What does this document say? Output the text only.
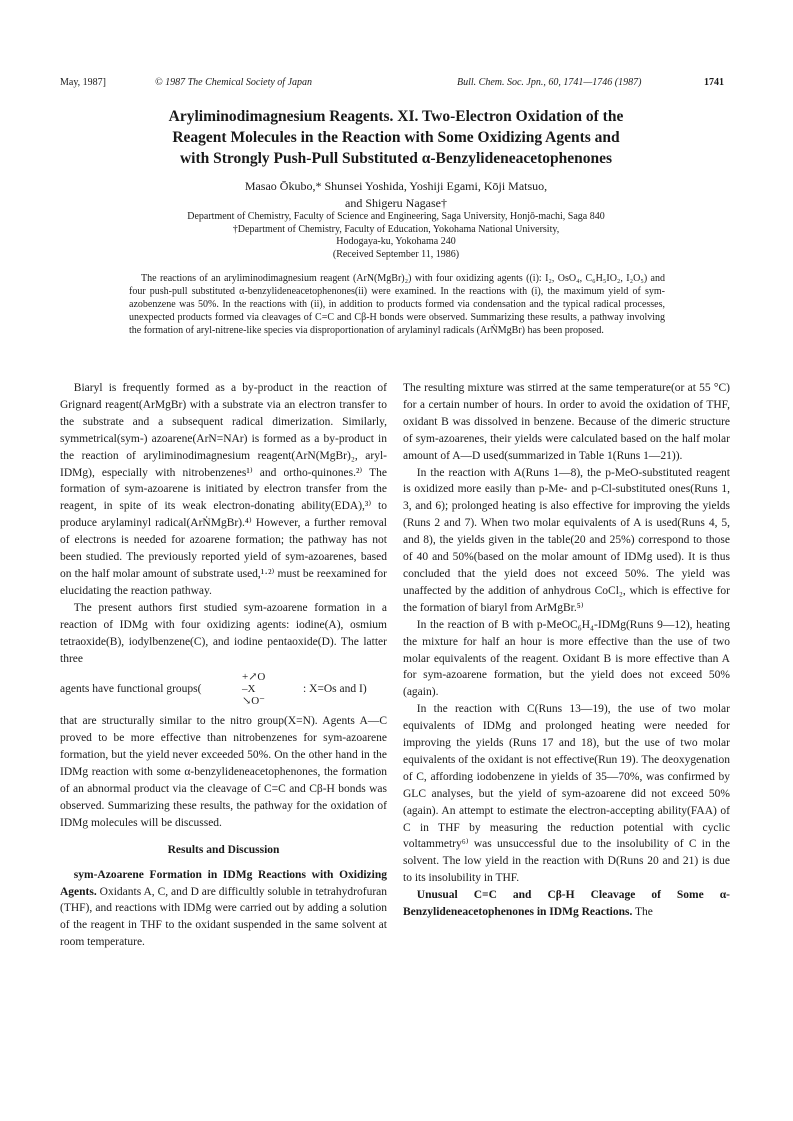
May, 1987]	© 1987 The Chemical Society of Japan	Bull. Chem. Soc. Jpn., 60, 1741—1746 (1987)	1741
Aryliminodimagnesium Reagents. XI. Two-Electron Oxidation of the
Reagent Molecules in the Reaction with Some Oxidizing Agents and
with Strongly Push-Pull Substituted α-Benzylideneacetophenones
Masao Ōkubo,* Shunsei Yoshida, Yoshiji Egami, Kōji Matsuo,
and Shigeru Nagase†
Department of Chemistry, Faculty of Science and Engineering, Saga University, Honjō-machi, Saga 840
†Department of Chemistry, Faculty of Education, Yokohama National University,
Hodogaya-ku, Yokohama 240
(Received September 11, 1986)
The reactions of an aryliminodimagnesium reagent (ArN(MgBr)₂) with four oxidizing agents ((i): I₂, OsO₄, C₆H₅IO₂, I₂O₅) and four push-pull substituted α-benzylideneacetophenones(ii) were examined. In the reactions with (i), the maximum yield of sym-azobenzene was 50%. In the reactions with (ii), in addition to products formed via condensation and the typical radical processes, unexpected products formed via cleavages of C=C and Cβ-H bonds were observed. Summarizing these results, a pathway involving the formation of aryl-nitrene-like species via disproportionation of arylaminyl radicals (ArṄMgBr) has been proposed.

Biaryl is frequently formed as a by-product in the reaction of Grignard reagent(ArMgBr) with a substrate via an electron transfer to the substrate and a subsequent radical dimerization. Similarly, symmetrical(sym-) azoarene(ArN=NAr) is formed as a by-product in the reaction of aryliminodimagnesium reagent(ArN(MgBr)₂, aryl-IDMg), especially with nitrobenzenes¹⁾ and ortho-quinones.²⁾ The formation of sym-azoarene is initiated by electron transfer from the reagent, in spite of its weak electron-donating ability(EDA),³⁾ to produce arylaminyl radical(ArṄMgBr).⁴⁾ However, a further removal of electrons is needed for azoarene formation; the pathway has not been studied. The previously reported yield of sym-azoarenes, based on the half molar amount of substrate used,¹·²⁾ must be reexamined for elucidating the reaction pathway.

The present authors first studied sym-azoarene formation in a reaction of IDMg with four oxidizing agents: iodine(A), osmium tetraoxide(B), iodylbenzene(C), and iodine pentaoxide(D). The latter three

agents have functional groups(
+↗O
–X
↘O⁻
: X=Os and I)

that are structurally similar to the nitro group(X=N). Agents A—C proved to be more effective than nitrobenzenes for sym-azoarene formation, but the yield never exceeded 50%. On the other hand in the IDMg reaction with some α-benzylideneacetophenones, the formation of an abnormal product via the cleavage of C=C and Cβ-H bonds was observed. Summarizing these results, the pathway for the oxidation of IDMg molecules will be discussed.

Results and Discussion

sym-Azoarene Formation in IDMg Reactions with Oxidizing Agents. Oxidants A, C, and D are difficultly soluble in tetrahydrofuran (THF), and reactions with IDMg were carried out by adding a solution of the reagent in THF to the oxidant suspended in the same solvent at room temperature.

The resulting mixture was stirred at the same temperature(or at 55 °C) for a certain number of hours. In order to avoid the oxidation of THF, oxidant B was dissolved in benzene. Because of the dimeric structure of sym-azoarenes, their yields were calculated based on the half molar amount of A—D used(summarized in Table 1(Runs 1—21)).

In the reaction with A(Runs 1—8), the p-MeO-substituted reagent is oxidized more easily than p-Me- and p-Cl-substituted ones(Runs 1, 3, and 6); prolonged heating is also effective for improving the yields (Runs 2 and 7). When two molar equivalents of A is used(Runs 4, 5, and 8), the yields given in the table(20 and 25%) correspond to those of 40 and 50%(based on the molar amount of IDMg used). It is thus concluded that the yield does not exceed 50%. The yield was unaffected by the addition of anhydrous CoCl₂, which is effective for the formation of biaryl from ArMgBr.⁵⁾

In the reaction of B with p-MeOC₆H₄-IDMg(Runs 9—12), heating the mixture for half an hour is more effective than the use of two molar equivalents of the reagent. Oxidant B is more effective than A for sym-azoarene formation, but the yield does not exceed 50%(again).

In the reaction with C(Runs 13—19), the use of two molar equivalents of IDMg and prolonged heating were needed for improving the yields (Runs 17 and 18), but the use of two molar equivalents of the oxidant is not effective(Run 19). The deoxygenation of C, affording iodobenzene in yields of 35—70%, was confirmed by GLC analyses, but the yield of sym-azoarene did not exceed 50%(again). An attempt to estimate the electron-accepting ability(FAA) of C in THF by measuring the reduction potential with cyclic voltammetry⁶⁾ was unsuccessful due to the insolubility of C in the solvent. The low yield in the reaction with D(Runs 20 and 21) is due to its insolubility in THF.

Unusual C=C and Cβ-H Cleavage of Some α-Benzylideneacetophenones in IDMg Reactions. The
